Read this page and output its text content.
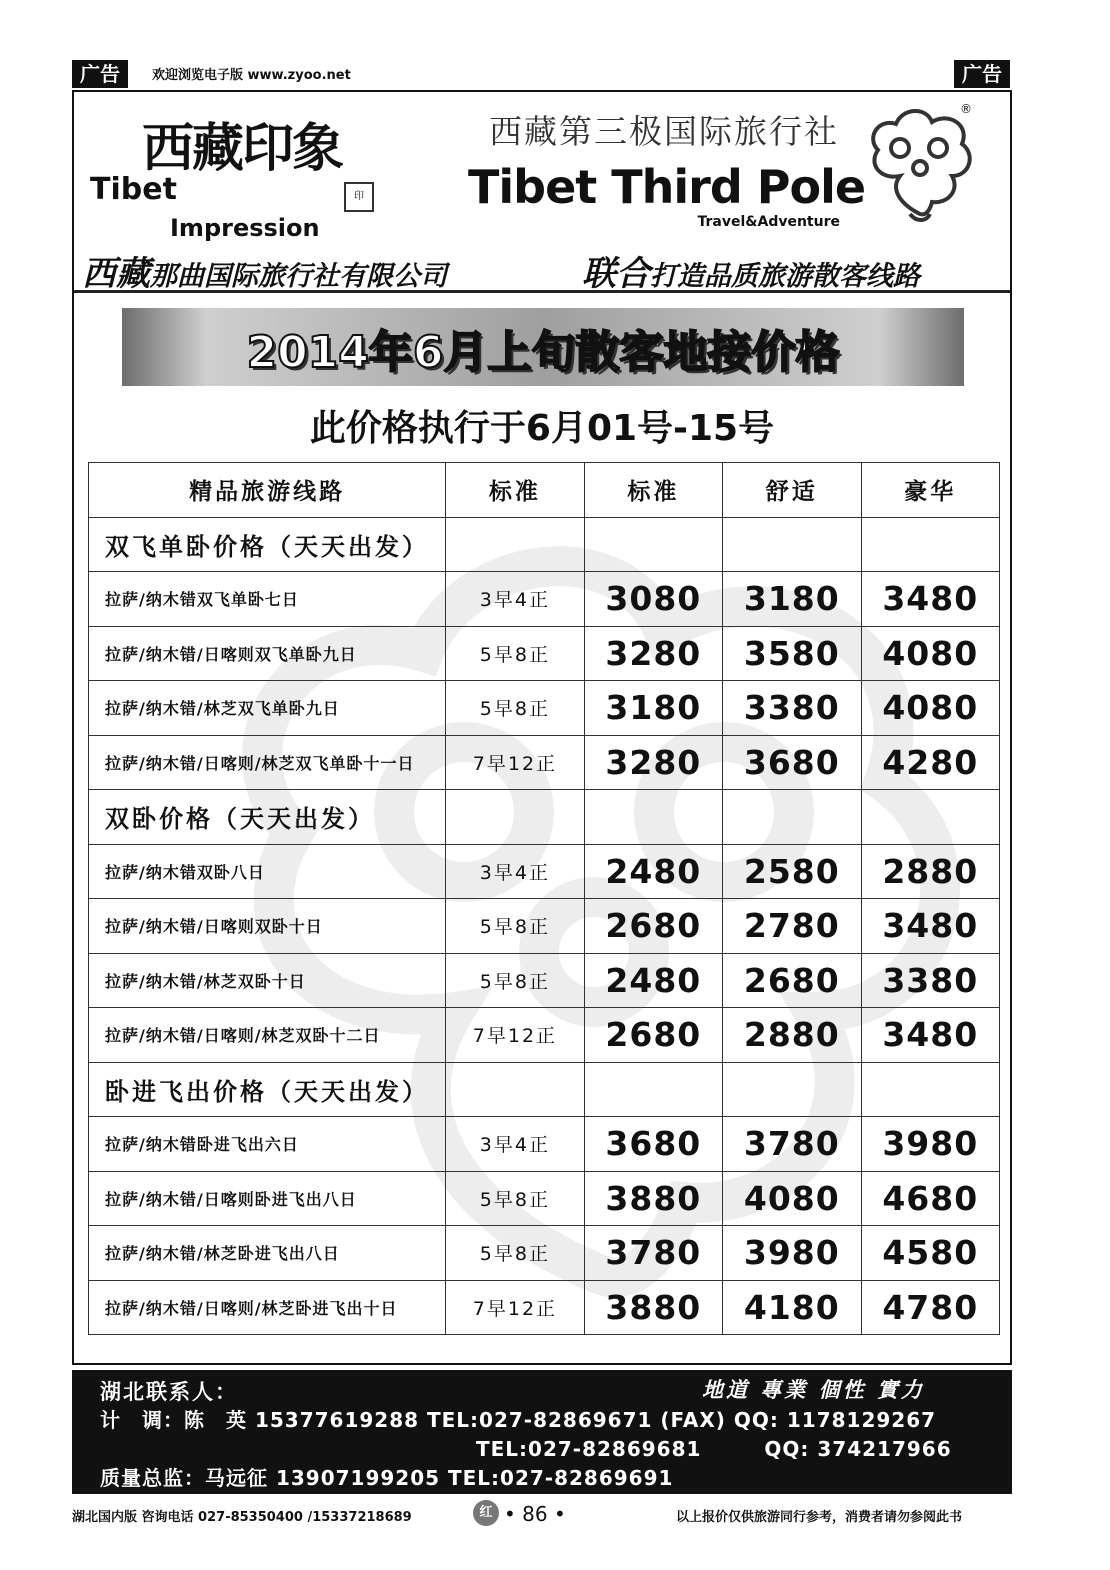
广告	欢迎浏览电子版 www.zyoo.net	广告
西藏印象
Tibet
Impression
印
西藏第三极国际旅行社
Tibet Third Pole
Travel&Adventure
®
西藏那曲国际旅行社有限公司	联合打造品质旅游散客线路
2014年6月上旬散客地接价格
此价格执行于6月01号-15号
精品旅游线路	标准	标准	舒适	豪华
双飞单卧价格（天天出发）				
拉萨/纳木错双飞单卧七日	3早4正	3080	3180	3480
拉萨/纳木错/日喀则双飞单卧九日	5早8正	3280	3580	4080
拉萨/纳木错/林芝双飞单卧九日	5早8正	3180	3380	4080
拉萨/纳木错/日喀则/林芝双飞单卧十一日	7早12正	3280	3680	4280
双卧价格（天天出发）				
拉萨/纳木错双卧八日	3早4正	2480	2580	2880
拉萨/纳木错/日喀则双卧十日	5早8正	2680	2780	3480
拉萨/纳木错/林芝双卧十日	5早8正	2480	2680	3380
拉萨/纳木错/日喀则/林芝双卧十二日	7早12正	2680	2880	3480
卧进飞出价格（天天出发）				
拉萨/纳木错卧进飞出六日	3早4正	3680	3780	3980
拉萨/纳木错/日喀则卧进飞出八日	5早8正	3880	4080	4680
拉萨/纳木错/林芝卧进飞出八日	5早8正	3780	3980	4580
拉萨/纳木错/日喀则/林芝卧进飞出十日	7早12正	3880	4180	4780
湖北联系人：	地道 專業 個性 實力
计　调：陈　英 15377619288 TEL:027-82869671 (FAX) QQ: 1178129267
TEL:027-82869681　　　QQ: 374217966
质量总监：马远征 13907199205 TEL:027-82869691
湖北国内版 咨询电话 027-85350400 /15337218689	红 • 86 •	以上报价仅供旅游同行参考，消费者请勿参阅此书
